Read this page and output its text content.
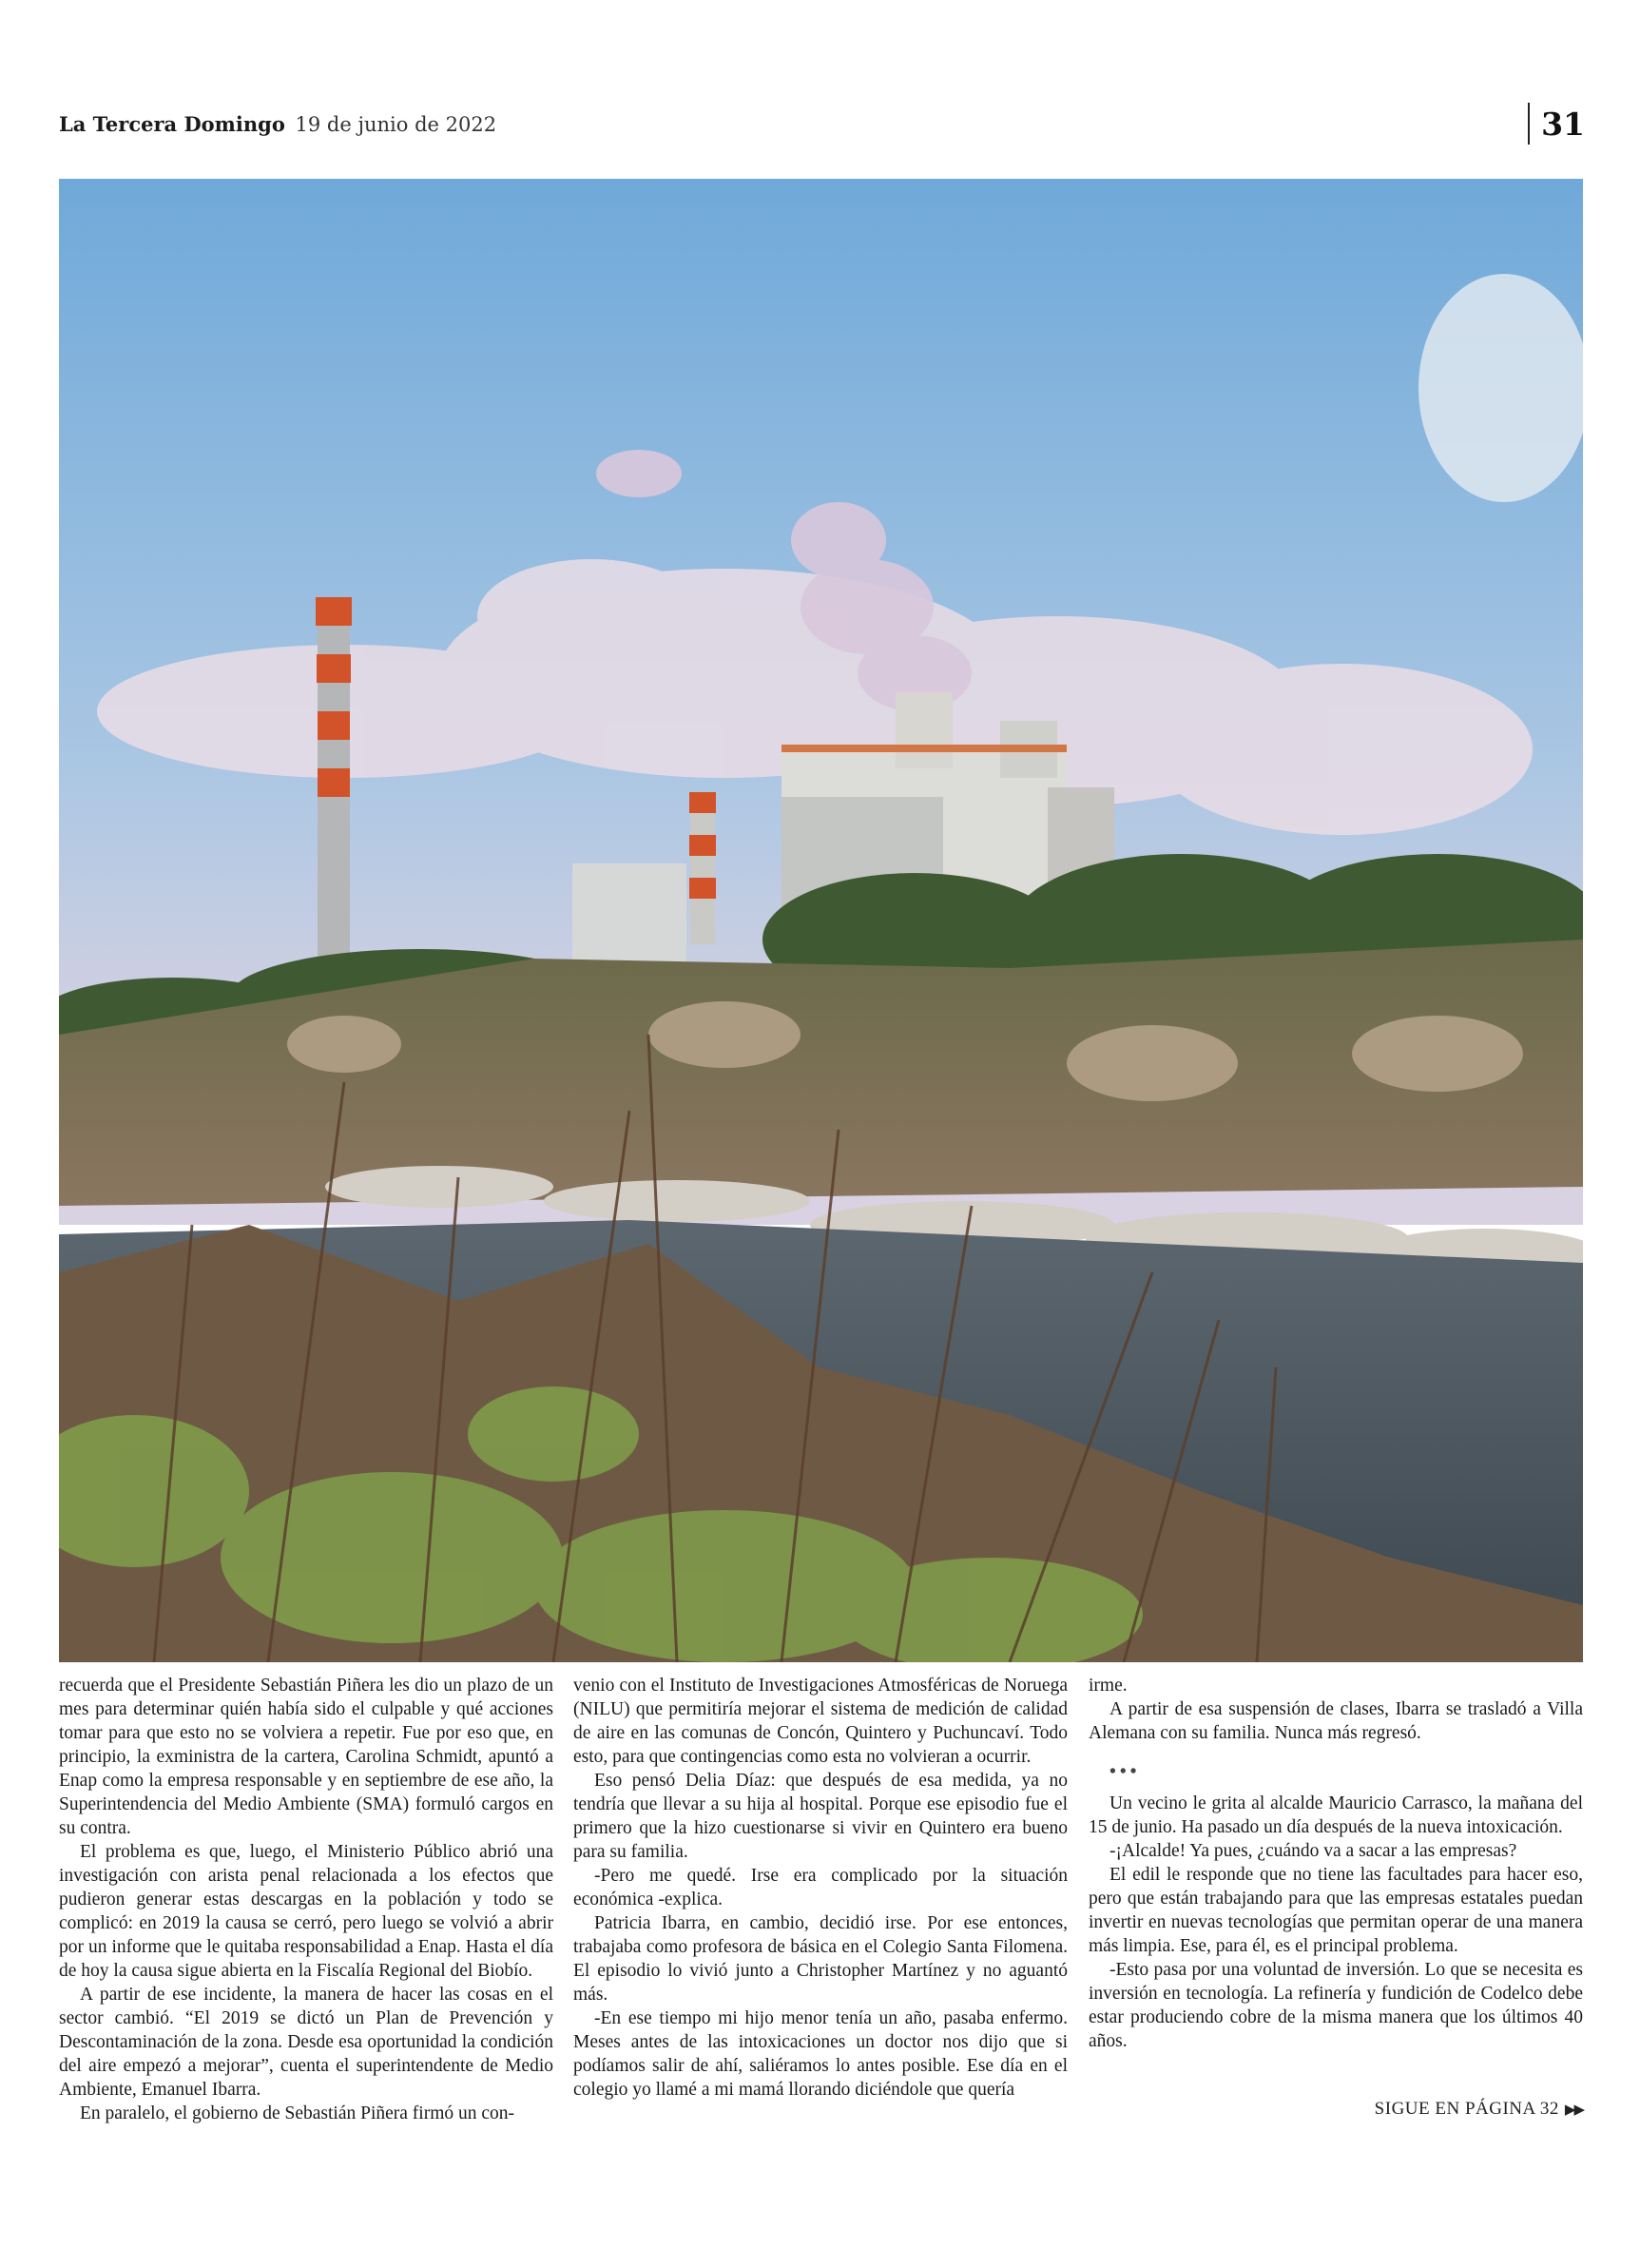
La Tercera Domingo 19 de junio de 2022	31

recuerda que el Presidente Sebastián Piñera les dio un plazo de un mes para determinar quién había sido el culpable y qué acciones tomar para que esto no se volviera a repetir. Fue por eso que, en principio, la exministra de la cartera, Carolina Schmidt, apuntó a Enap como la empresa responsable y en septiembre de ese año, la Superintendencia del Medio Ambiente (SMA) formuló cargos en su contra.

El problema es que, luego, el Ministerio Público abrió una investigación con arista penal relacionada a los efectos que pudieron generar estas descargas en la población y todo se complicó: en 2019 la causa se cerró, pero luego se volvió a abrir por un informe que le quitaba responsabilidad a Enap. Hasta el día de hoy la causa sigue abierta en la Fiscalía Regional del Biobío.

A partir de ese incidente, la manera de hacer las cosas en el sector cambió. “El 2019 se dictó un Plan de Prevención y Descontaminación de la zona. Desde esa oportunidad la condición del aire empezó a mejorar”, cuenta el superintendente de Medio Ambiente, Emanuel Ibarra.

En paralelo, el gobierno de Sebastián Piñera firmó un con-

venio con el Instituto de Investigaciones Atmosféricas de Noruega (NILU) que permitiría mejorar el sistema de medición de calidad de aire en las comunas de Concón, Quintero y Puchuncaví. Todo esto, para que contingencias como esta no volvieran a ocurrir.

Eso pensó Delia Díaz: que después de esa medida, ya no tendría que llevar a su hija al hospital. Porque ese episodio fue el primero que la hizo cuestionarse si vivir en Quintero era bueno para su familia.

-Pero me quedé. Irse era complicado por la situación económica -explica.

Patricia Ibarra, en cambio, decidió irse. Por ese entonces, trabajaba como profesora de básica en el Colegio Santa Filomena. El episodio lo vivió junto a Christopher Martínez y no aguantó más.

-En ese tiempo mi hijo menor tenía un año, pasaba enfermo. Meses antes de las intoxicaciones un doctor nos dijo que si podíamos salir de ahí, saliéramos lo antes posible. Ese día en el colegio yo llamé a mi mamá llorando diciéndole que quería

irme.

A partir de esa suspensión de clases, Ibarra se trasladó a Villa Alemana con su familia. Nunca más regresó.

•••

Un vecino le grita al alcalde Mauricio Carrasco, la mañana del 15 de junio. Ha pasado un día después de la nueva intoxicación.

-¡Alcalde! Ya pues, ¿cuándo va a sacar a las empresas?

El edil le responde que no tiene las facultades para hacer eso, pero que están trabajando para que las empresas estatales puedan invertir en nuevas tecnologías que permitan operar de una manera más limpia. Ese, para él, es el principal problema.

-Esto pasa por una voluntad de inversión. Lo que se necesita es inversión en tecnología. La refinería y fundición de Codelco debe estar produciendo cobre de la misma manera que los últimos 40 años.

SIGUE EN PÁGINA 32 ▶▶
